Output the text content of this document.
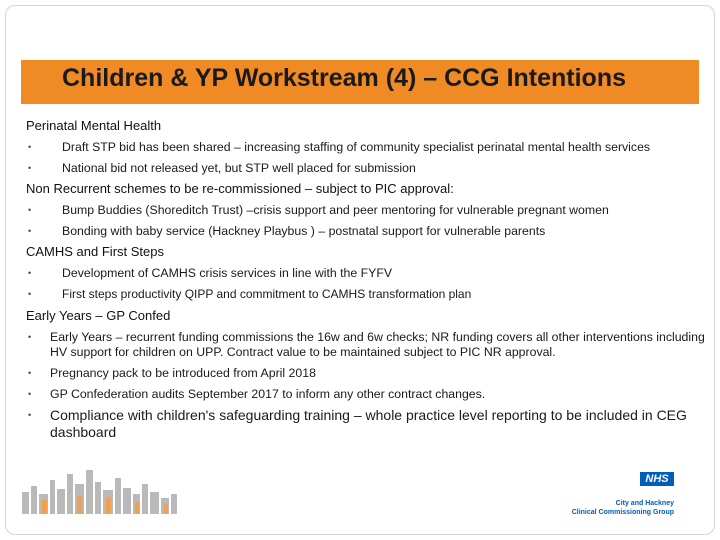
Children & YP Workstream (4) – CCG Intentions
Perinatal Mental Health
•	Draft STP bid has been shared – increasing staffing of community specialist perinatal mental health services
•	National bid not released yet, but STP well placed for submission
Non Recurrent schemes to be re-commissioned – subject to PIC approval:
•	Bump Buddies (Shoreditch Trust) –crisis support and peer mentoring for vulnerable pregnant women
•	Bonding with baby service (Hackney Playbus ) – postnatal support for vulnerable parents
CAMHS and First Steps
•	Development of CAMHS crisis services in line with the FYFV
•	First steps productivity QIPP and commitment to CAMHS transformation plan
Early Years – GP Confed
• Early Years – recurrent funding commissions the 16w and 6w checks; NR funding covers all other interventions including HV support for children on UPP. Contract value to be maintained subject to PIC NR approval.
• Pregnancy pack to be introduced from April 2018
• GP Confederation audits September 2017 to inform any other contract changes.
• Compliance with children's safeguarding training – whole practice level reporting to be included in CEG dashboard
NHS
City and Hackney
Clinical Commissioning Group
